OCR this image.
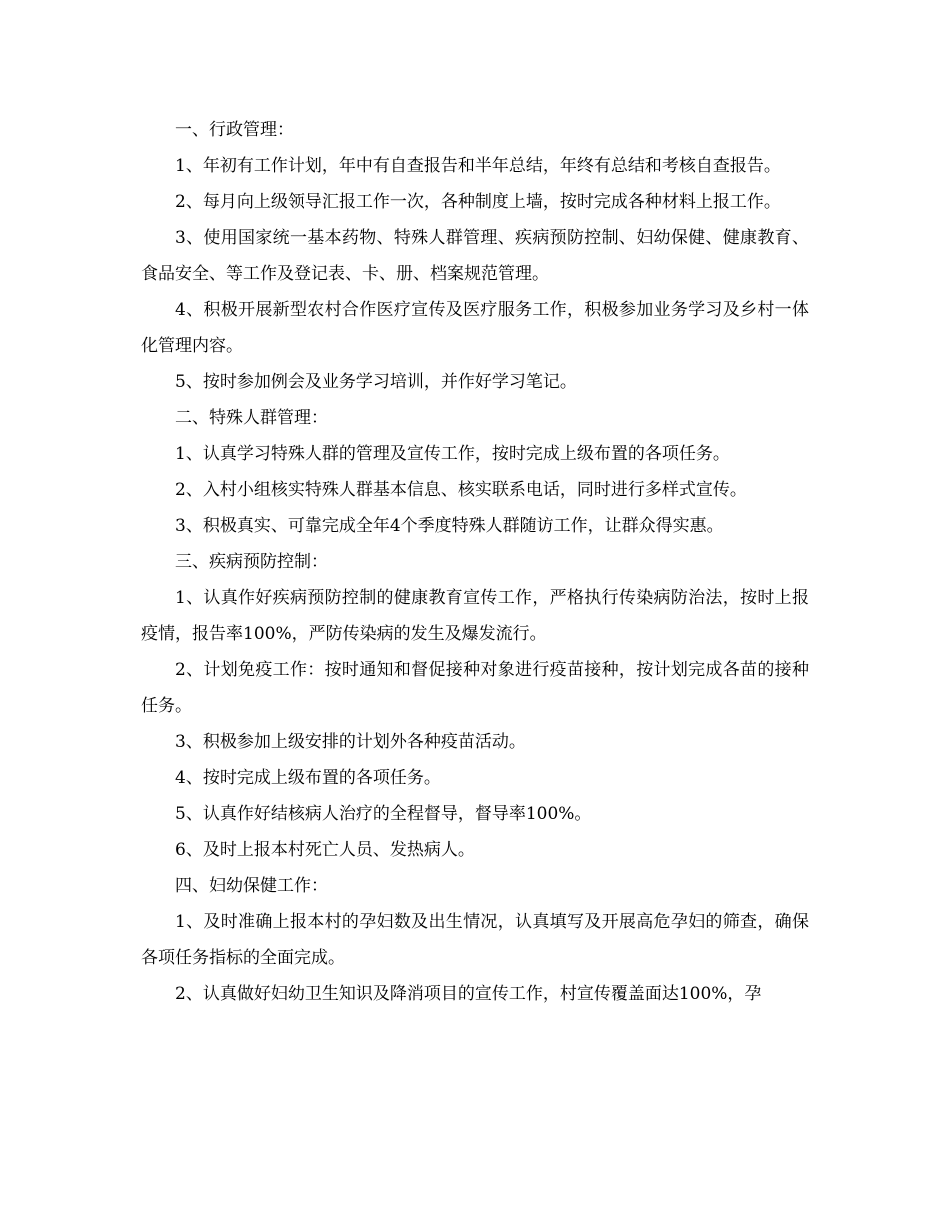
一、行政管理：

1、年初有工作计划，年中有自查报告和半年总结，年终有总结和考核自查报告。

2、每月向上级领导汇报工作一次，各种制度上墙，按时完成各种材料上报工作。

3、使用国家统一基本药物、特殊人群管理、疾病预防控制、妇幼保健、健康教育、食品安全、等工作及登记表、卡、册、档案规范管理。

4、积极开展新型农村合作医疗宣传及医疗服务工作，积极参加业务学习及乡村一体化管理内容。

5、按时参加例会及业务学习培训，并作好学习笔记。

二、特殊人群管理：

1、认真学习特殊人群的管理及宣传工作，按时完成上级布置的各项任务。

2、入村小组核实特殊人群基本信息、核实联系电话，同时进行多样式宣传。

3、积极真实、可靠完成全年4个季度特殊人群随访工作，让群众得实惠。

三、疾病预防控制：

1、认真作好疾病预防控制的健康教育宣传工作，严格执行传染病防治法，按时上报疫情，报告率100%，严防传染病的发生及爆发流行。

2、计划免疫工作：按时通知和督促接种对象进行疫苗接种，按计划完成各苗的接种任务。

3、积极参加上级安排的计划外各种疫苗活动。

4、按时完成上级布置的各项任务。

5、认真作好结核病人治疗的全程督导，督导率100%。

6、及时上报本村死亡人员、发热病人。

四、妇幼保健工作：

1、及时准确上报本村的孕妇数及出生情况，认真填写及开展高危孕妇的筛查，确保各项任务指标的全面完成。

2、认真做好妇幼卫生知识及降消项目的宣传工作，村宣传覆盖面达100%，孕
